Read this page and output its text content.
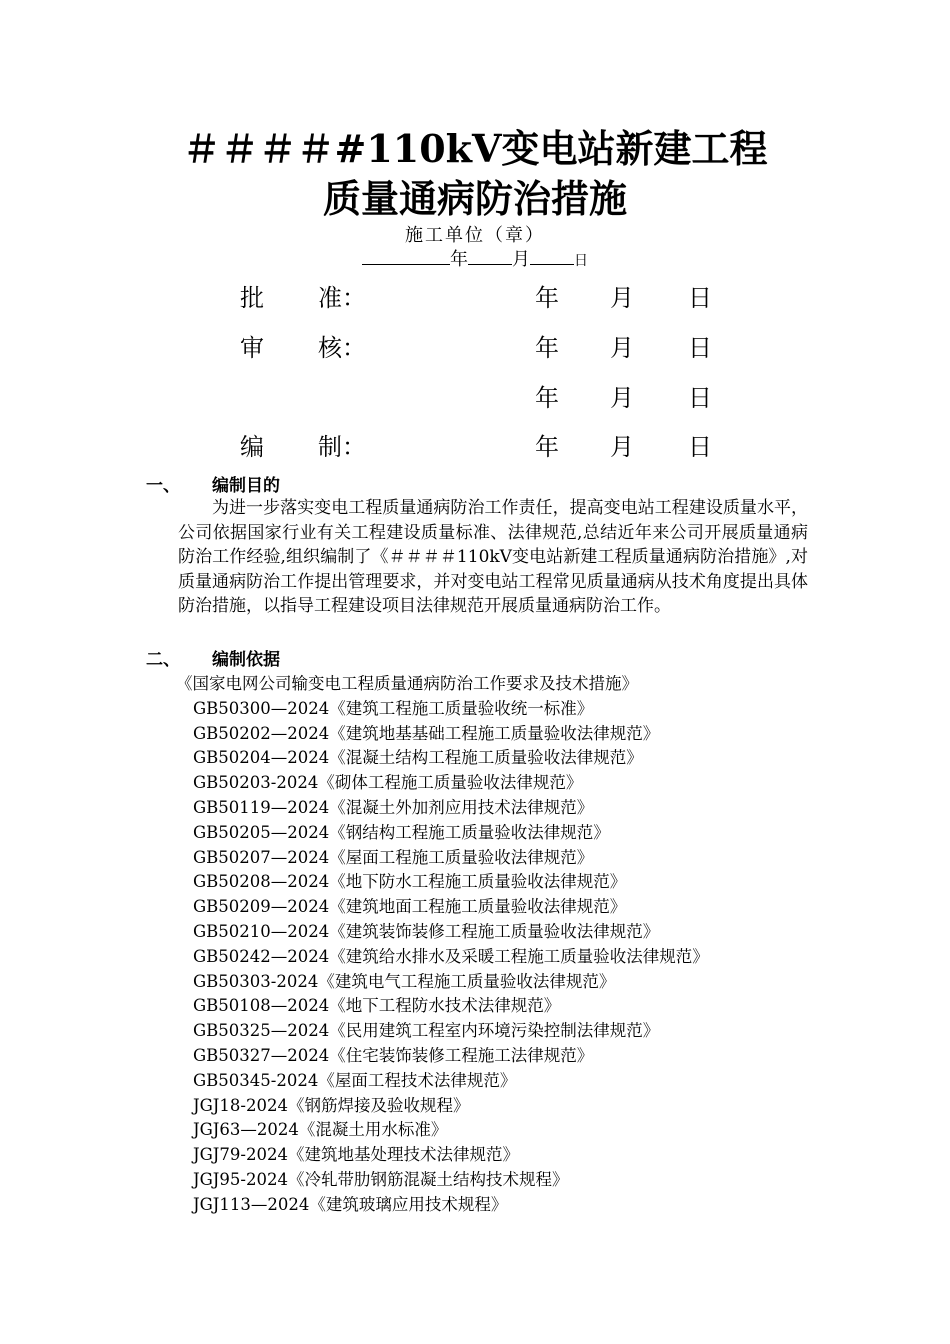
＃＃＃＃#110kV变电站新建工程
质量通病防治措施
施工单位（章）
年 月	日
批 准：	年 月 日
审 核：	年 月 日
年 月 日
编 制：	年 月 日
一、 编制目的

为进一步落实变电工程质量通病防治工作责任，提高变电站工程建设质量水平，公司依据国家行业有关工程建设质量标准、法律规范,总结近年来公司开展质量通病防治工作经验,组织编制了《＃＃＃＃110kV变电站新建工程质量通病防治措施》,对质量通病防治工作提出管理要求，并对变电站工程常见质量通病从技术角度提出具体防治措施，以指导工程建设项目法律规范开展质量通病防治工作。

二、 编制依据
《国家电网公司输变电工程质量通病防治工作要求及技术措施》
GB50300—2024《建筑工程施工质量验收统一标准》
GB50202—2024《建筑地基基础工程施工质量验收法律规范》
GB50204—2024《混凝土结构工程施工质量验收法律规范》
GB50203-2024《砌体工程施工质量验收法律规范》
GB50119—2024《混凝土外加剂应用技术法律规范》
GB50205—2024《钢结构工程施工质量验收法律规范》
GB50207—2024《屋面工程施工质量验收法律规范》
GB50208—2024《地下防水工程施工质量验收法律规范》
GB50209—2024《建筑地面工程施工质量验收法律规范》
GB50210—2024《建筑装饰装修工程施工质量验收法律规范》
GB50242—2024《建筑给水排水及采暖工程施工质量验收法律规范》
GB50303-2024《建筑电气工程施工质量验收法律规范》
GB50108—2024《地下工程防水技术法律规范》
GB50325—2024《民用建筑工程室内环境污染控制法律规范》
GB50327—2024《住宅装饰装修工程施工法律规范》
GB50345-2024《屋面工程技术法律规范》
JGJ18-2024《钢筋焊接及验收规程》
JGJ63—2024《混凝土用水标准》
JGJ79-2024《建筑地基处理技术法律规范》
JGJ95-2024《冷轧带肋钢筋混凝土结构技术规程》
JGJ113—2024《建筑玻璃应用技术规程》
